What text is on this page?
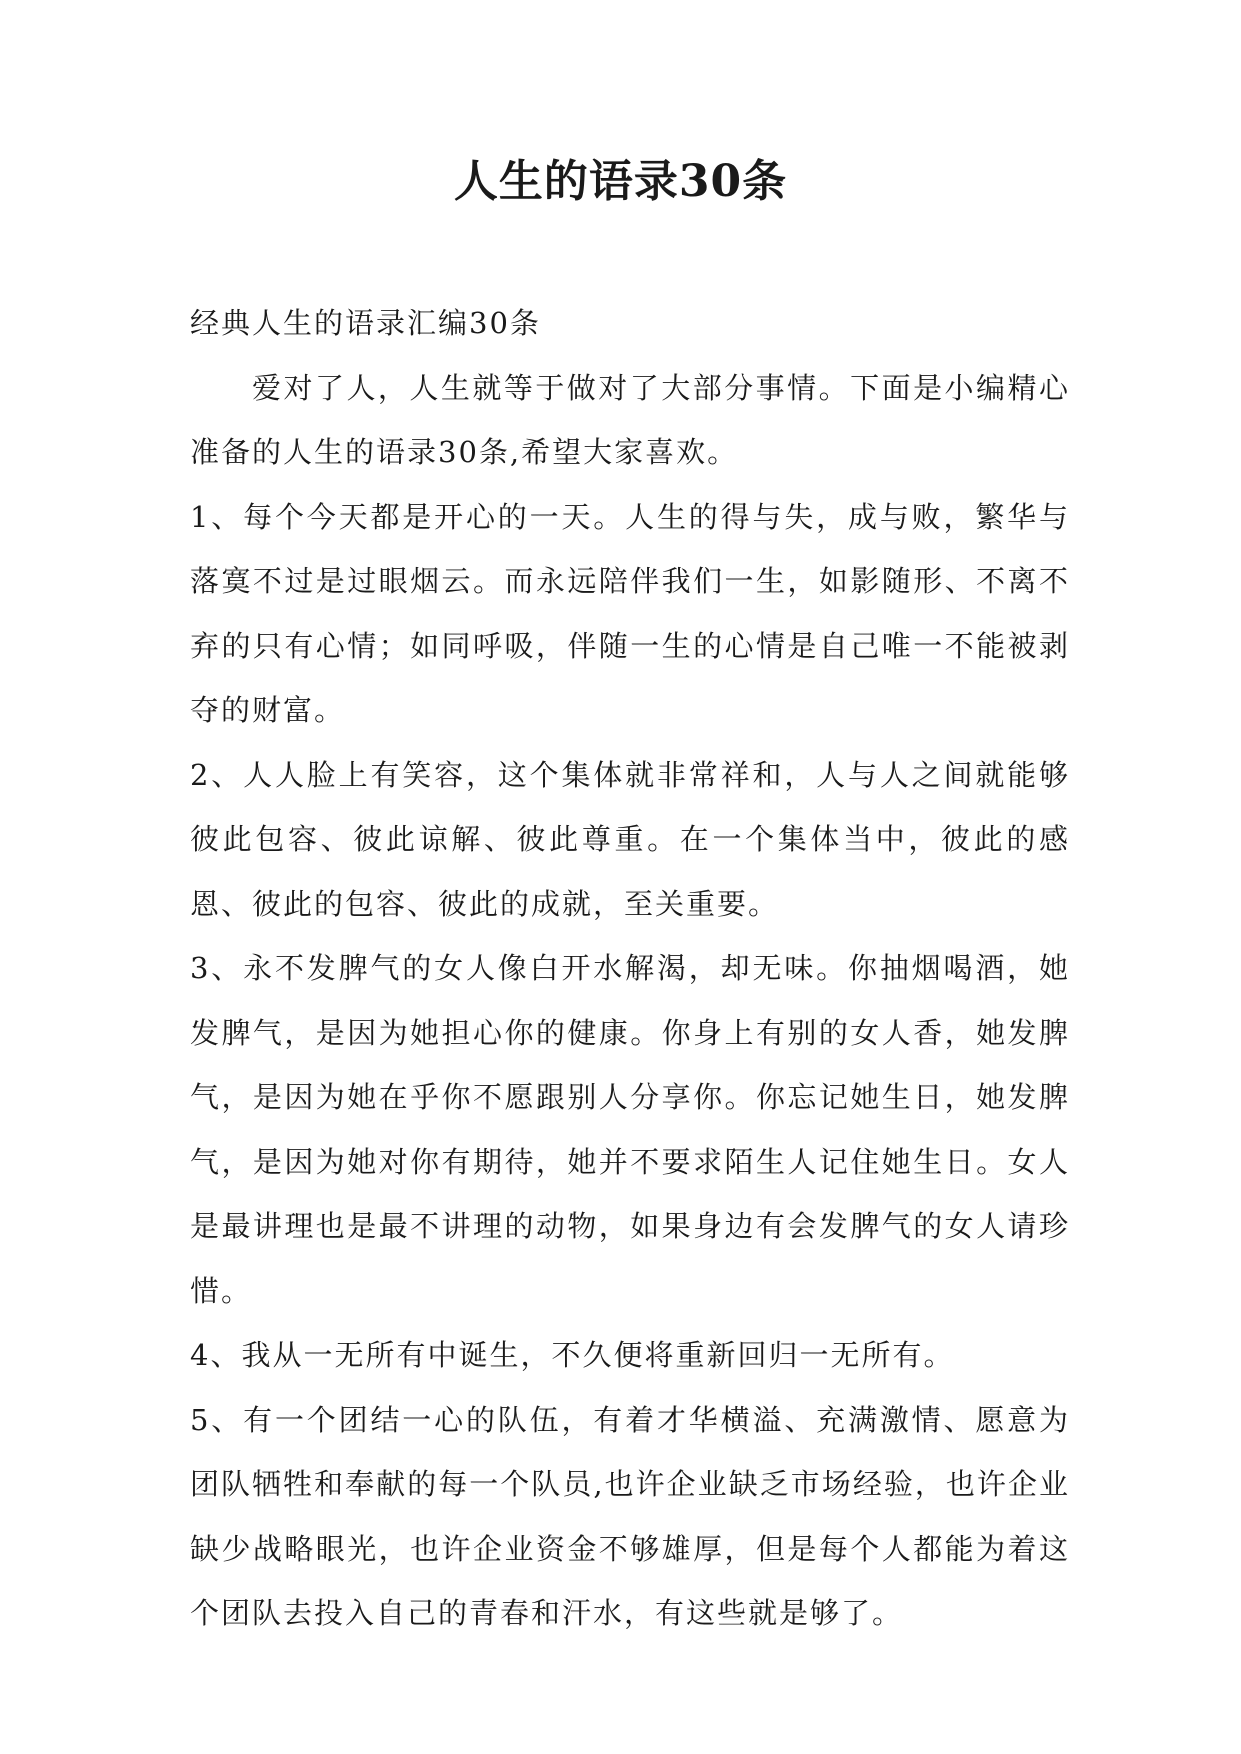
人生的语录30条

经典人生的语录汇编30条

爱对了人，人生就等于做对了大部分事情。下面是小编精心准备的人生的语录30条,希望大家喜欢。

1、每个今天都是开心的一天。人生的得与失，成与败，繁华与落寞不过是过眼烟云。而永远陪伴我们一生，如影随形、不离不弃的只有心情；如同呼吸，伴随一生的心情是自己唯一不能被剥夺的财富。

2、人人脸上有笑容，这个集体就非常祥和，人与人之间就能够彼此包容、彼此谅解、彼此尊重。在一个集体当中，彼此的感恩、彼此的包容、彼此的成就，至关重要。

3、永不发脾气的女人像白开水解渴，却无味。你抽烟喝酒，她发脾气，是因为她担心你的健康。你身上有别的女人香，她发脾气，是因为她在乎你不愿跟别人分享你。你忘记她生日，她发脾气，是因为她对你有期待，她并不要求陌生人记住她生日。女人是最讲理也是最不讲理的动物，如果身边有会发脾气的女人请珍惜。

4、我从一无所有中诞生，不久便将重新回归一无所有。

5、有一个团结一心的队伍，有着才华横溢、充满激情、愿意为团队牺牲和奉献的每一个队员,也许企业缺乏市场经验，也许企业缺少战略眼光，也许企业资金不够雄厚，但是每个人都能为着这个团队去投入自己的青春和汗水，有这些就是够了。
